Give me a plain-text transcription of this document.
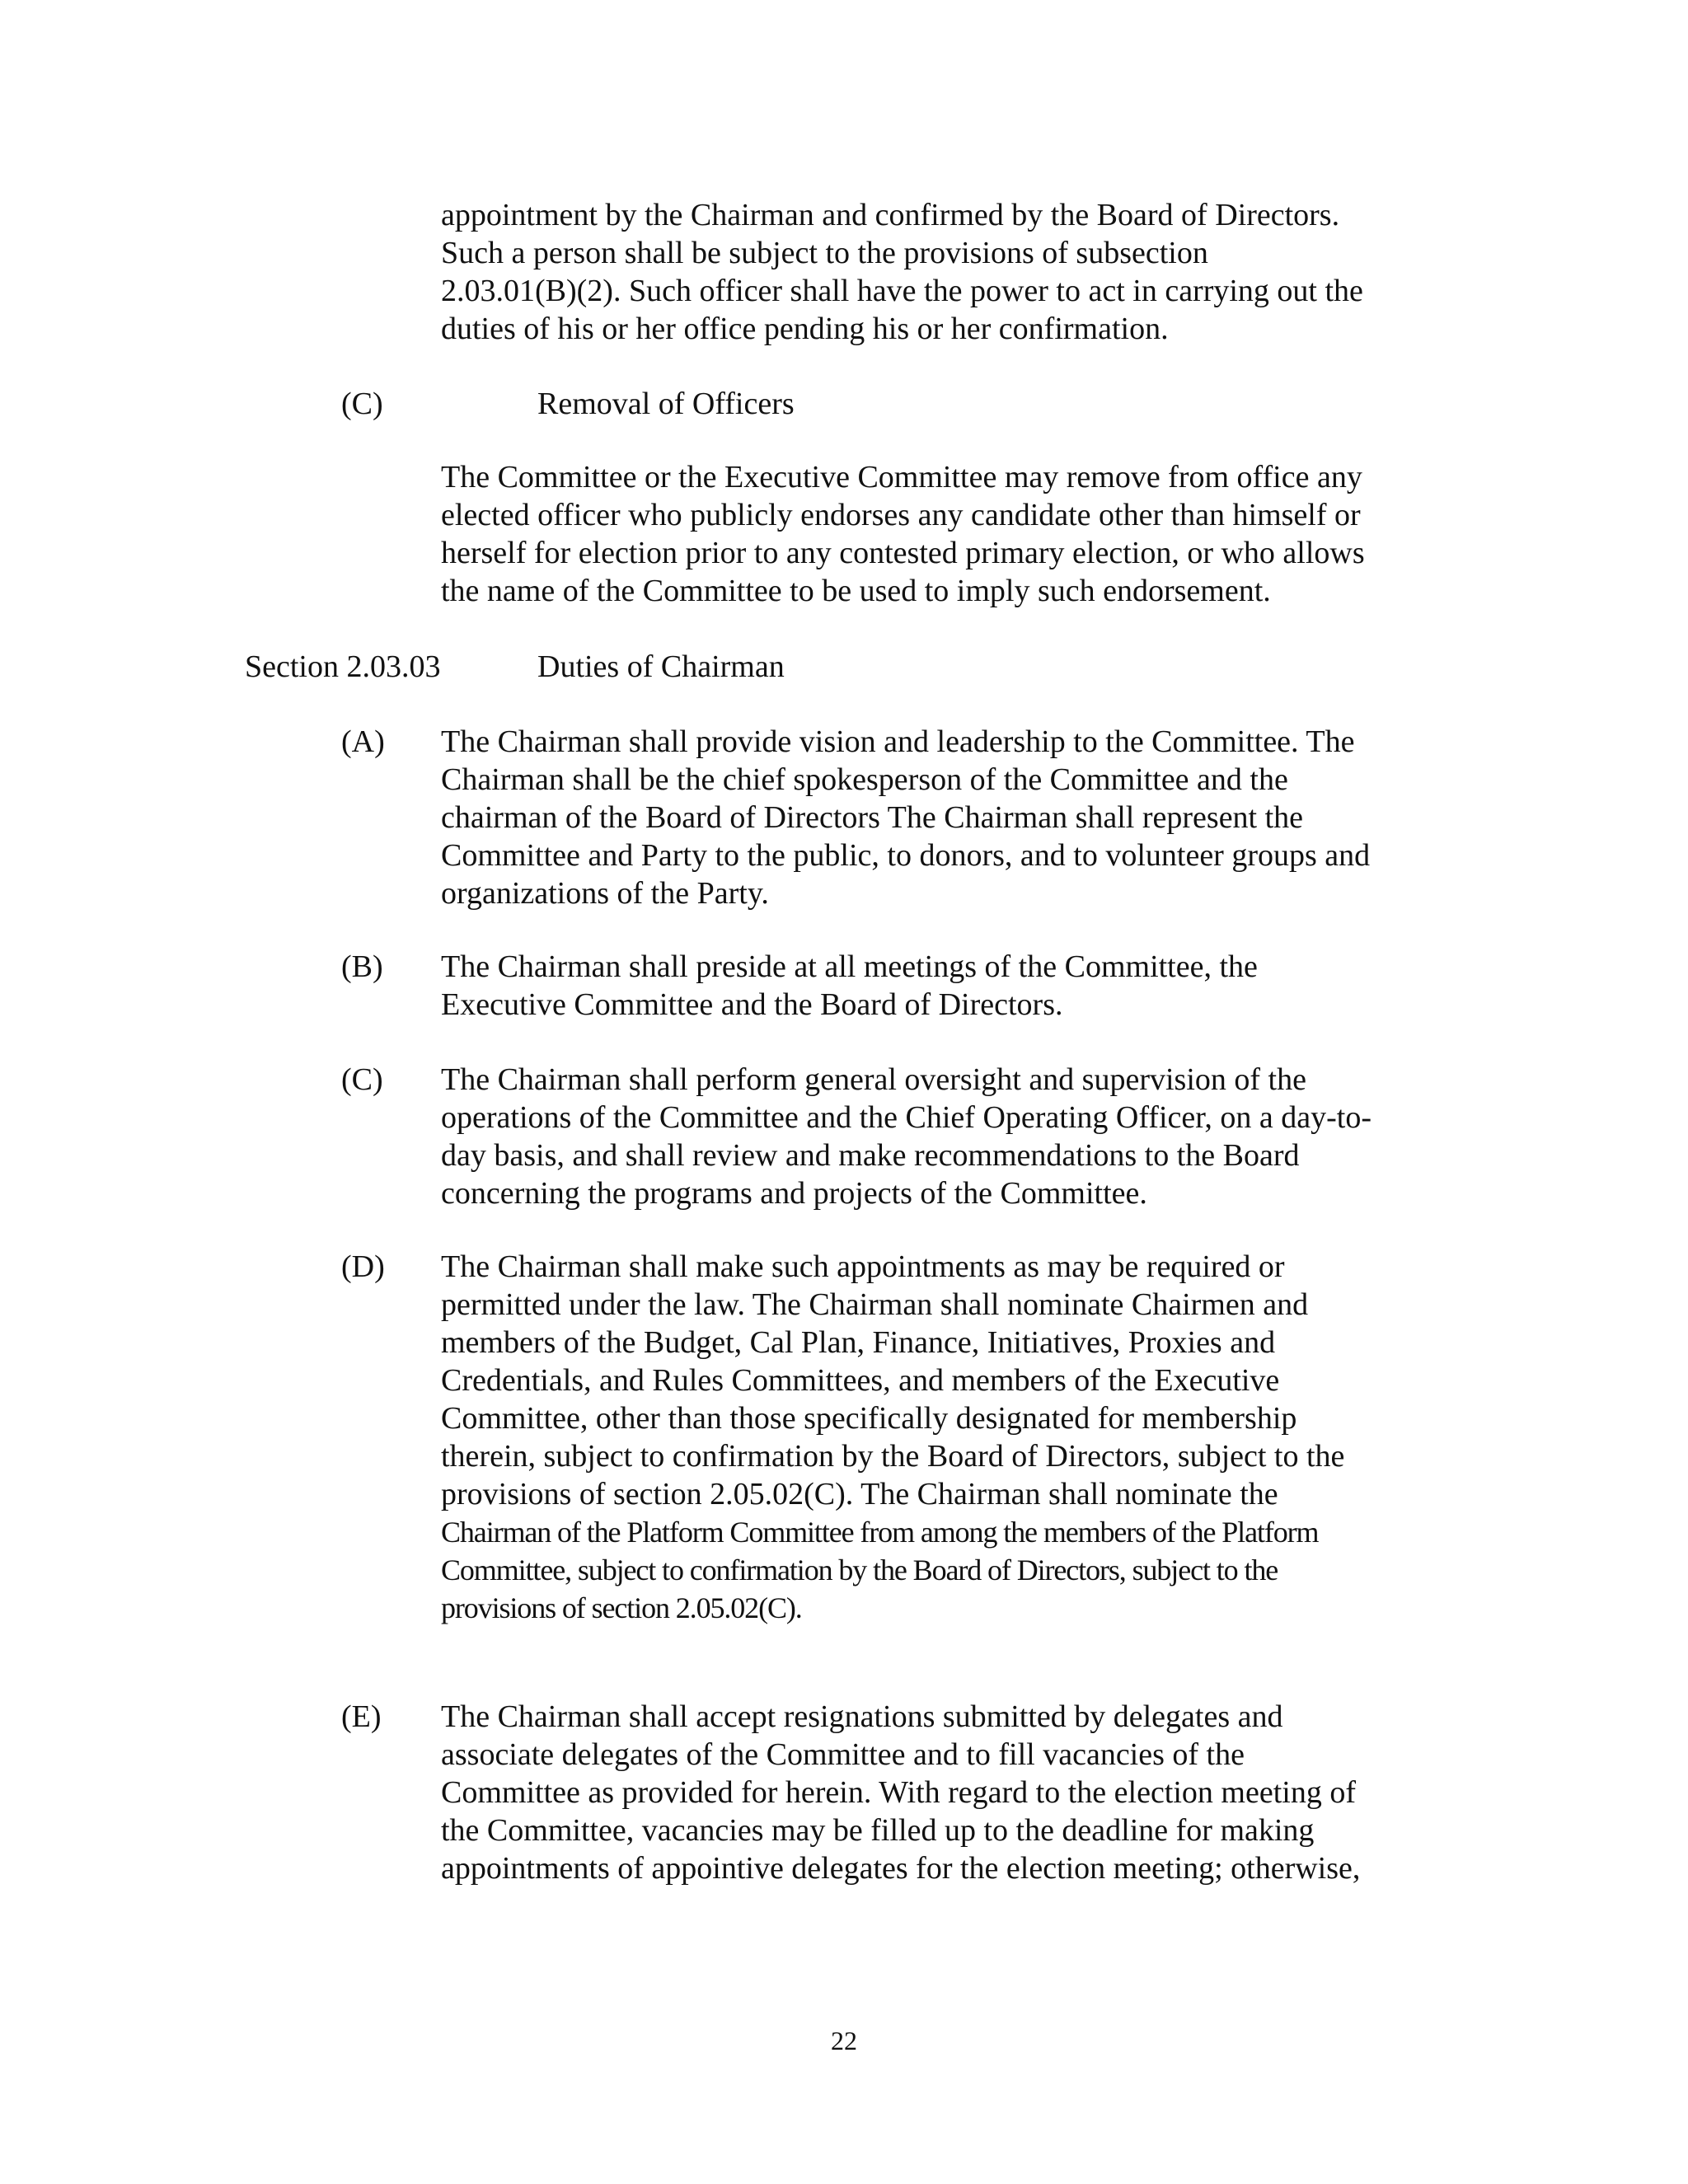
appointment by the Chairman and confirmed by the Board of Directors.
Such a person shall be subject to the provisions of subsection
2.03.01(B)(2). Such officer shall have the power to act in carrying out the
duties of his or her office pending his or her confirmation.

(C)	Removal of Officers

The Committee or the Executive Committee may remove from office any
elected officer who publicly endorses any candidate other than himself or
herself for election prior to any contested primary election, or who allows
the name of the Committee to be used to imply such endorsement.

Section 2.03.03	Duties of Chairman
(A) The Chairman shall provide vision and leadership to the Committee. The
Chairman shall be the chief spokesperson of the Committee and the
chairman of the Board of Directors The Chairman shall represent the
Committee and Party to the public, to donors, and to volunteer groups and
organizations of the Party.

(B) The Chairman shall preside at all meetings of the Committee, the
Executive Committee and the Board of Directors.

(C) The Chairman shall perform general oversight and supervision of the
operations of the Committee and the Chief Operating Officer, on a day-to-
day basis, and shall review and make recommendations to the Board
concerning the programs and projects of the Committee.

(D) The Chairman shall make such appointments as may be required or
permitted under the law. The Chairman shall nominate Chairmen and
members of the Budget, Cal Plan, Finance, Initiatives, Proxies and
Credentials, and Rules Committees, and members of the Executive
Committee, other than those specifically designated for membership
therein, subject to confirmation by the Board of Directors, subject to the
provisions of section 2.05.02(C). The Chairman shall nominate the
Chairman of the Platform Committee from among the members of the Platform
Committee, subject to confirmation by the Board of Directors, subject to the
provisions of section 2.05.02(C).

(E) The Chairman shall accept resignations submitted by delegates and
associate delegates of the Committee and to fill vacancies of the
Committee as provided for herein. With regard to the election meeting of
the Committee, vacancies may be filled up to the deadline for making
appointments of appointive delegates for the election meeting; otherwise,

22
